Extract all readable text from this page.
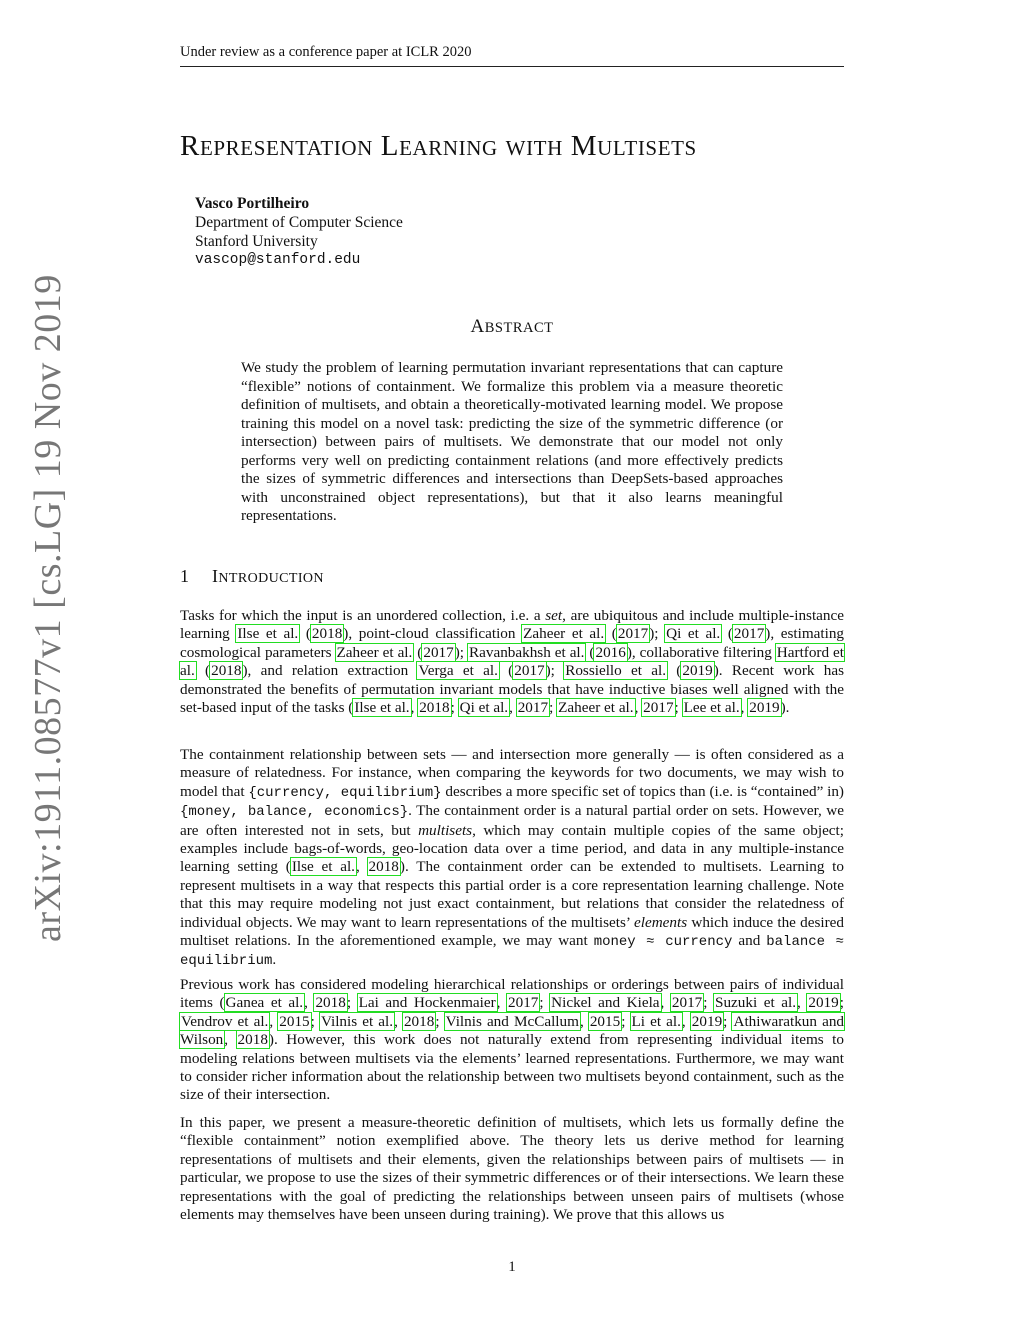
Under review as a conference paper at ICLR 2020
arXiv:1911.08577v1 [cs.LG] 19 Nov 2019
REPRESENTATION LEARNING WITH MULTISETS
Vasco Portilheiro
Department of Computer Science
Stanford University
vascop@stanford.edu
ABSTRACT
We study the problem of learning permutation invariant representations that can capture “flexible” notions of containment. We formalize this problem via a measure theoretic definition of multisets, and obtain a theoretically-motivated learning model. We propose training this model on a novel task: predicting the size of the symmetric difference (or intersection) between pairs of multisets. We demonstrate that our model not only performs very well on predicting containment relations (and more effectively predicts the sizes of symmetric differences and intersections than DeepSets-based approaches with unconstrained object representations), but that it also learns meaningful representations.
1 INTRODUCTION

Tasks for which the input is an unordered collection, i.e. a set, are ubiquitous and include multiple-instance learning Ilse et al. (2018), point-cloud classification Zaheer et al. (2017); Qi et al. (2017), estimating cosmological parameters Zaheer et al. (2017); Ravanbakhsh et al. (2016), collaborative filtering Hartford et al. (2018), and relation extraction Verga et al. (2017); Rossiello et al. (2019). Recent work has demonstrated the benefits of permutation invariant models that have inductive biases well aligned with the set-based input of the tasks (Ilse et al., 2018; Qi et al., 2017; Zaheer et al., 2017; Lee et al., 2019).

The containment relationship between sets — and intersection more generally — is often considered as a measure of relatedness. For instance, when comparing the keywords for two documents, we may wish to model that {currency, equilibrium} describes a more specific set of topics than (i.e. is “contained” in) {money, balance, economics}. The containment order is a natural partial order on sets. However, we are often interested not in sets, but multisets, which may contain multiple copies of the same object; examples include bags-of-words, geo-location data over a time period, and data in any multiple-instance learning setting (Ilse et al., 2018). The containment order can be extended to multisets. Learning to represent multisets in a way that respects this partial order is a core representation learning challenge. Note that this may require modeling not just exact containment, but relations that consider the relatedness of individual objects. We may want to learn representations of the multisets’ elements which induce the desired multiset relations. In the aforementioned example, we may want money ≈ currency and balance ≈ equilibrium.

Previous work has considered modeling hierarchical relationships or orderings between pairs of individual items (Ganea et al., 2018; Lai and Hockenmaier, 2017; Nickel and Kiela, 2017; Suzuki et al., 2019; Vendrov et al., 2015; Vilnis et al., 2018; Vilnis and McCallum, 2015; Li et al., 2019; Athiwaratkun and Wilson, 2018). However, this work does not naturally extend from representing individual items to modeling relations between multisets via the elements’ learned representations. Furthermore, we may want to consider richer information about the relationship between two multisets beyond containment, such as the size of their intersection.

In this paper, we present a measure-theoretic definition of multisets, which lets us formally define the “flexible containment” notion exemplified above. The theory lets us derive method for learning representations of multisets and their elements, given the relationships between pairs of multisets — in particular, we propose to use the sizes of their symmetric differences or of their intersections. We learn these representations with the goal of predicting the relationships between unseen pairs of multisets (whose elements may themselves have been unseen during training). We prove that this allows us

1
